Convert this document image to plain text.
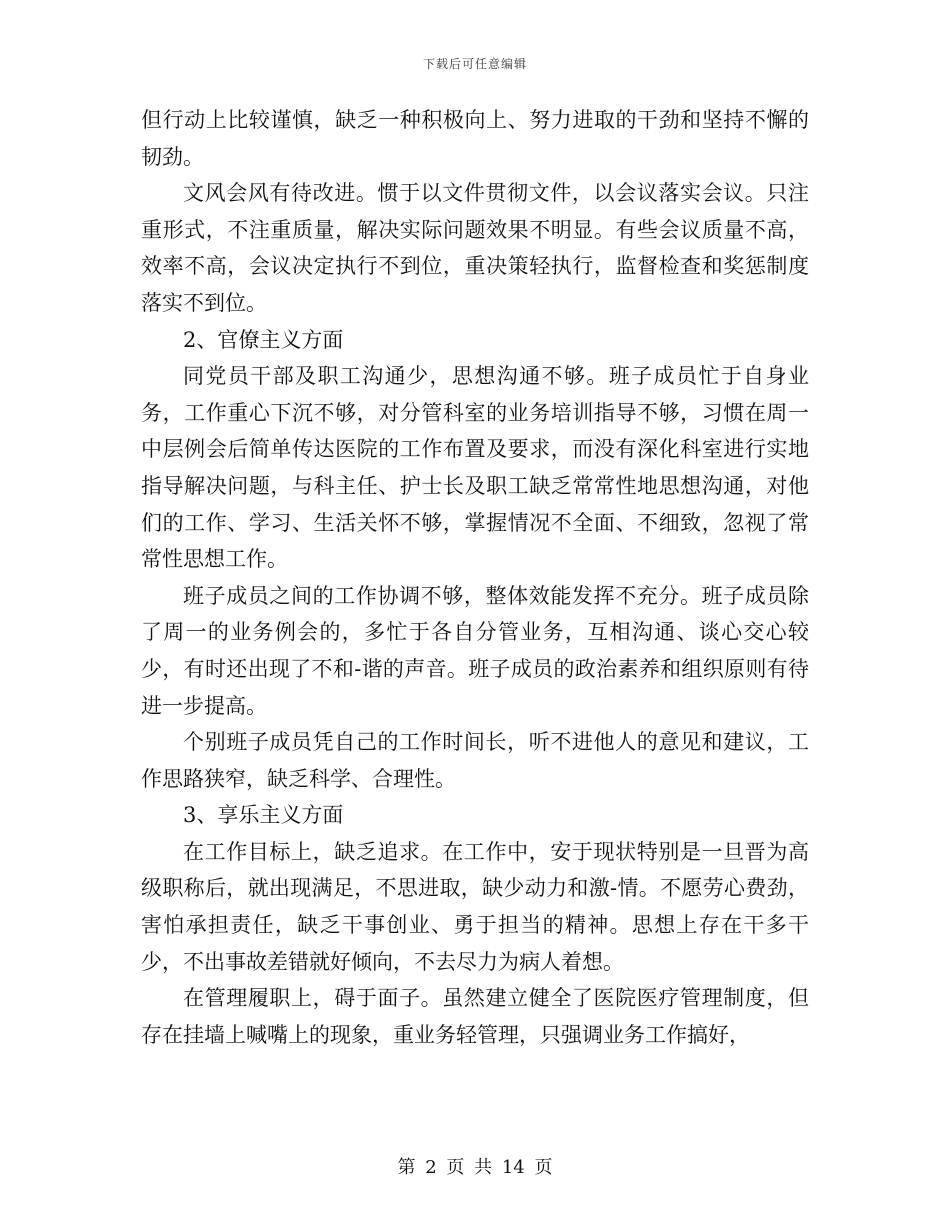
下载后可任意编辑

但行动上比较谨慎，缺乏一种积极向上、努力进取的干劲和坚持不懈的韧劲。

文风会风有待改进。惯于以文件贯彻文件，以会议落实会议。只注重形式，不注重质量，解决实际问题效果不明显。有些会议质量不高，效率不高，会议决定执行不到位，重决策轻执行，监督检查和奖惩制度落实不到位。

2、官僚主义方面

同党员干部及职工沟通少，思想沟通不够。班子成员忙于自身业务，工作重心下沉不够，对分管科室的业务培训指导不够，习惯在周一中层例会后简单传达医院的工作布置及要求，而没有深化科室进行实地指导解决问题，与科主任、护士长及职工缺乏常常性地思想沟通，对他们的工作、学习、生活关怀不够，掌握情况不全面、不细致，忽视了常常性思想工作。

班子成员之间的工作协调不够，整体效能发挥不充分。班子成员除了周一的业务例会的，多忙于各自分管业务，互相沟通、谈心交心较少，有时还出现了不和-谐的声音。班子成员的政治素养和组织原则有待进一步提高。

个别班子成员凭自己的工作时间长，听不进他人的意见和建议，工作思路狭窄，缺乏科学、合理性。

3、享乐主义方面

在工作目标上，缺乏追求。在工作中，安于现状特别是一旦晋为高级职称后，就出现满足，不思进取，缺少动力和激-情。不愿劳心费劲，害怕承担责任，缺乏干事创业、勇于担当的精神。思想上存在干多干少，不出事故差错就好倾向，不去尽力为病人着想。

在管理履职上，碍于面子。虽然建立健全了医院医疗管理制度，但存在挂墙上喊嘴上的现象，重业务轻管理，只强调业务工作搞好，

第 2 页 共 14 页
